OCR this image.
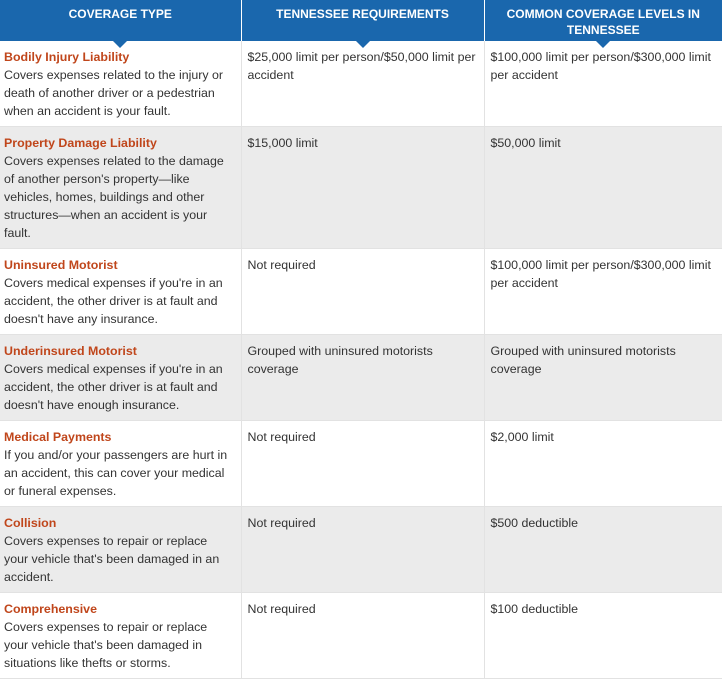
COVERAGE TYPE	TENNESSEE REQUIREMENTS	COMMON COVERAGE LEVELS IN TENNESSEE

Bodily Injury Liability
Covers expenses related to the injury or death of another driver or a pedestrian when an accident is your fault.	$25,000 limit per person/$50,000 limit per accident	$100,000 limit per person/$300,000 limit per accident

Property Damage Liability
Covers expenses related to the damage of another person's property—like vehicles, homes, buildings and other structures—when an accident is your fault.	$15,000 limit	$50,000 limit

Uninsured Motorist
Covers medical expenses if you're in an accident, the other driver is at fault and doesn't have any insurance.	Not required	$100,000 limit per person/$300,000 limit per accident

Underinsured Motorist
Covers medical expenses if you're in an accident, the other driver is at fault and doesn't have enough insurance.	Grouped with uninsured motorists coverage	Grouped with uninsured motorists coverage

Medical Payments
If you and/or your passengers are hurt in an accident, this can cover your medical or funeral expenses.	Not required	$2,000 limit

Collision
Covers expenses to repair or replace your vehicle that's been damaged in an accident.	Not required	$500 deductible

Comprehensive
Covers expenses to repair or replace your vehicle that's been damaged in situations like thefts or storms.	Not required	$100 deductible
